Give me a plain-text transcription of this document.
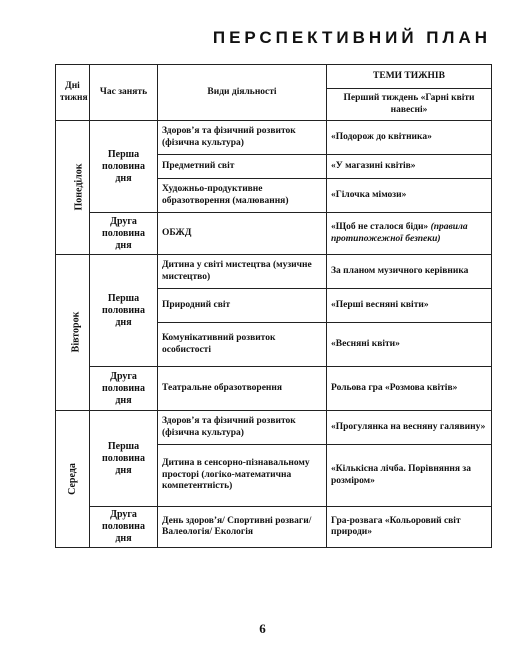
ПЕРСПЕКТИВНИЙ ПЛАН
Дні тижня	Час занять	Види діяльності	ТЕМИ ТИЖНІВ
			Перший тиждень «Гарні квіти навесні»
Понеділок	Перша половина дня	Здоров’я та фізичний розвиток (фізична культура)	«Подорож до квітника»
		Предметний світ	«У магазині квітів»
		Художньо-продуктивне образотворення (малювання)	«Гілочка мімози»
	Друга половина дня	ОБЖД	«Щоб не сталося біди» (правила протипожежної безпеки)
Вівторок	Перша половина дня	Дитина у світі мистецтва (музичне мистецтво)	За планом музичного керівника
		Природний світ	«Перші весняні квіти»
		Комунікативний розвиток особистості	«Весняні квіти»
	Друга половина дня	Театральне образотворення	Рольова гра «Розмова квітів»
Середа	Перша половина дня	Здоров’я та фізичний розвиток (фізична культура)	«Прогулянка на весняну галявину»
		Дитина в сенсорно-пізнавальному просторі (логіко-математична компетентність)	«Кількісна лічба. Порівняння за розміром»
	Друга половина дня	День здоров’я/ Спортивні розваги/ Валеологія/ Екологія	Гра-розвага «Кольоровий світ природи»
6
